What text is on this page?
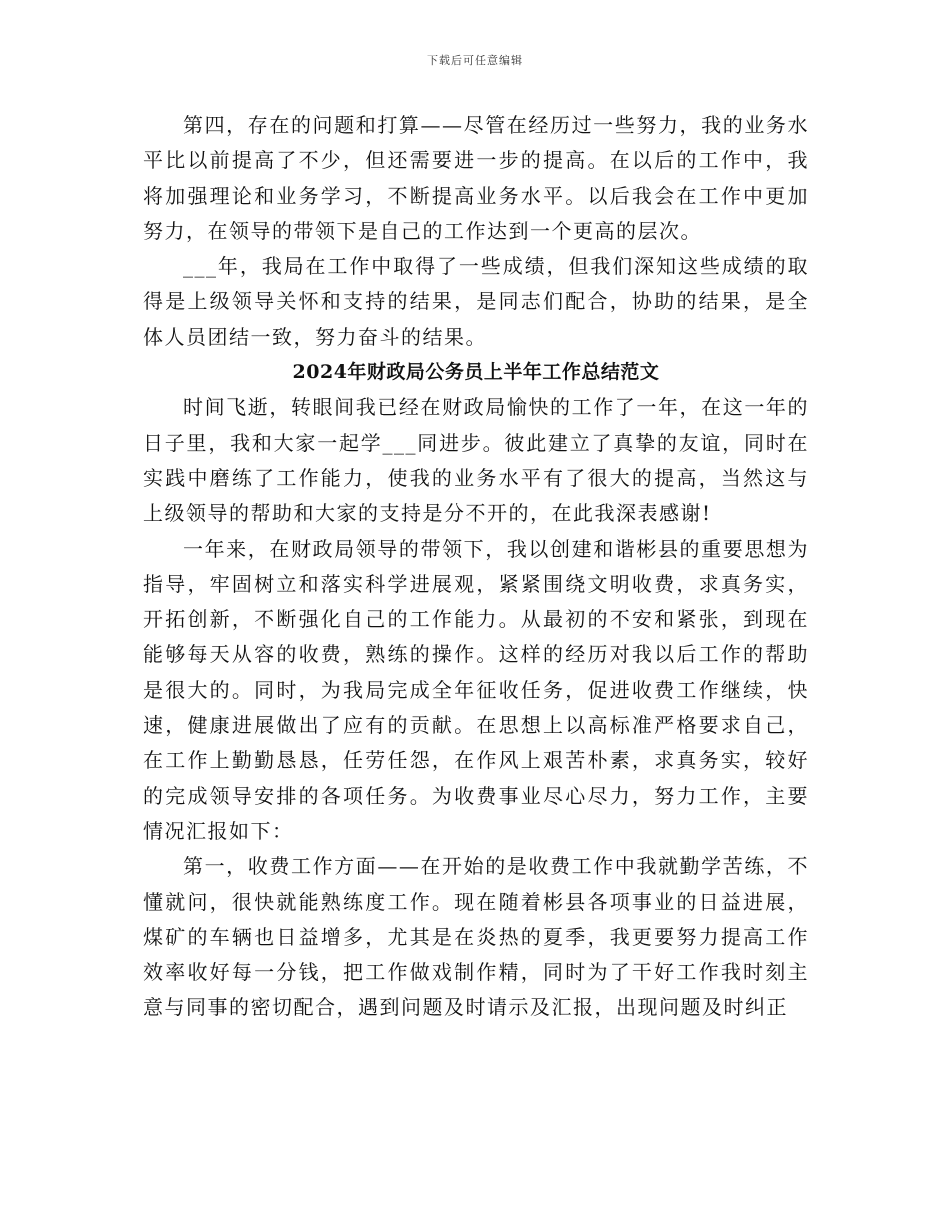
下载后可任意编辑

第四，存在的问题和打算——尽管在经历过一些努力，我的业务水平比以前提高了不少，但还需要进一步的提高。在以后的工作中，我将加强理论和业务学习，不断提高业务水平。以后我会在工作中更加努力，在领导的带领下是自己的工作达到一个更高的层次。

___年，我局在工作中取得了一些成绩，但我们深知这些成绩的取得是上级领导关怀和支持的结果，是同志们配合，协助的结果，是全体人员团结一致，努力奋斗的结果。

2024年财政局公务员上半年工作总结范文

时间飞逝，转眼间我已经在财政局愉快的工作了一年，在这一年的日子里，我和大家一起学___同进步。彼此建立了真挚的友谊，同时在实践中磨练了工作能力，使我的业务水平有了很大的提高，当然这与上级领导的帮助和大家的支持是分不开的，在此我深表感谢!

一年来，在财政局领导的带领下，我以创建和谐彬县的重要思想为指导，牢固树立和落实科学进展观，紧紧围绕文明收费，求真务实，开拓创新，不断强化自己的工作能力。从最初的不安和紧张，到现在能够每天从容的收费，熟练的操作。这样的经历对我以后工作的帮助是很大的。同时，为我局完成全年征收任务，促进收费工作继续，快速，健康进展做出了应有的贡献。在思想上以高标准严格要求自己，在工作上勤勤恳恳，任劳任怨，在作风上艰苦朴素，求真务实，较好的完成领导安排的各项任务。为收费事业尽心尽力，努力工作，主要情况汇报如下：

第一，收费工作方面——在开始的是收费工作中我就勤学苦练，不懂就问，很快就能熟练度工作。现在随着彬县各项事业的日益进展，煤矿的车辆也日益增多，尤其是在炎热的夏季，我更要努力提高工作效率收好每一分钱，把工作做戏制作精，同时为了干好工作我时刻主意与同事的密切配合，遇到问题及时请示及汇报，出现问题及时纠正
